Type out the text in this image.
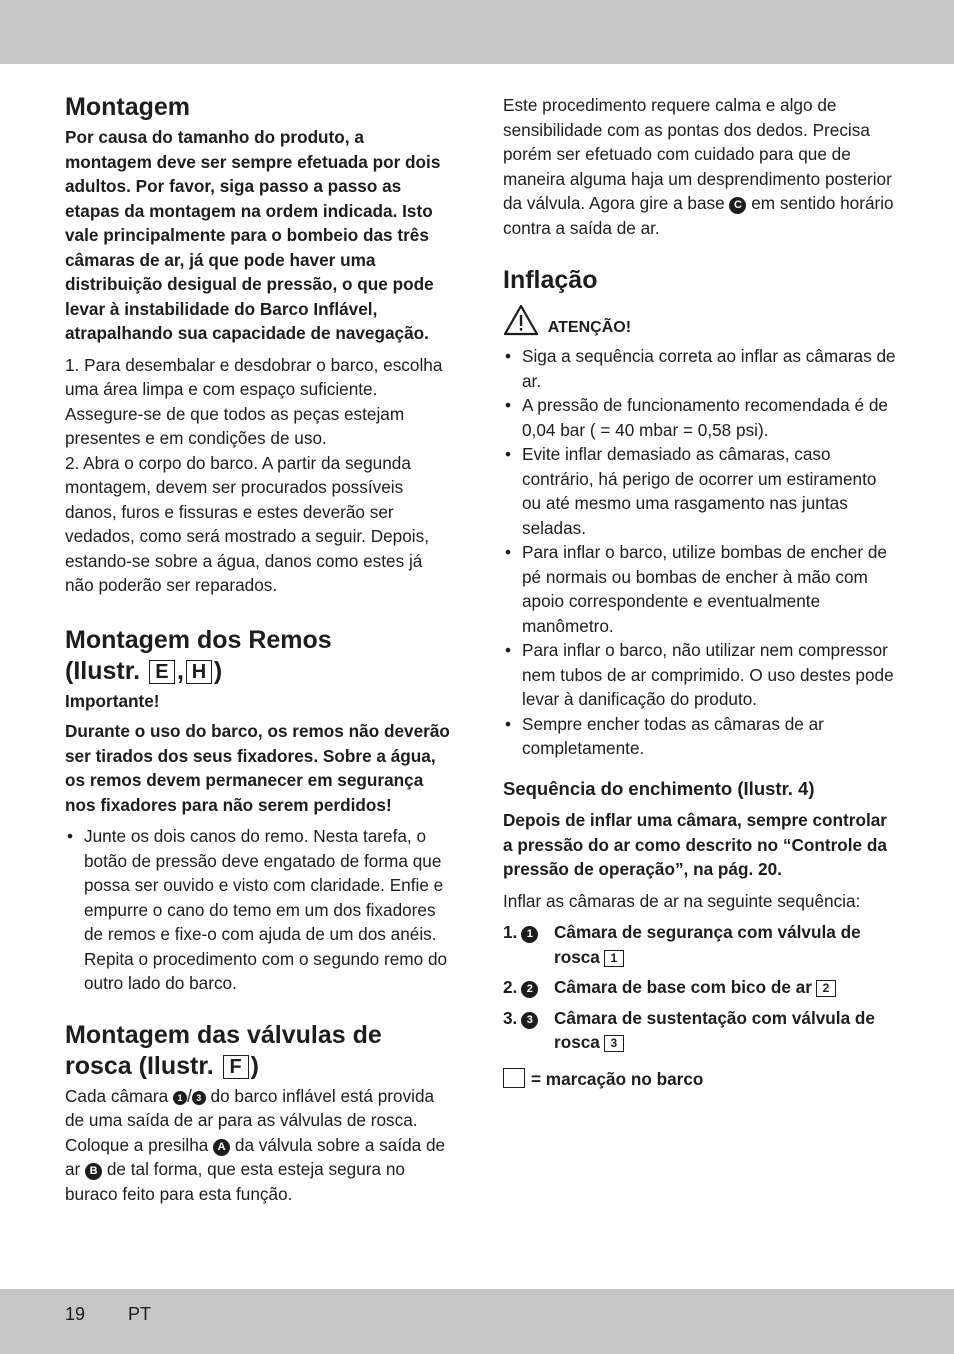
Montagem

Por causa do tamanho do produto, a montagem deve ser sempre efetuada por dois adultos. Por favor, siga passo a passo as etapas da montagem na ordem indicada. Isto vale principalmente para o bombeio das três câmaras de ar, já que pode haver uma distribuição desigual de pressão, o que pode levar à instabilidade do Barco Inflável, atrapalhando sua capacidade de navegação.

1. Para desembalar e desdobrar o barco, escolha uma área limpa e com espaço suficiente. Assegure-se de que todos as peças estejam presentes e em condições de uso.

2. Abra o corpo do barco. A partir da segunda montagem, devem ser procurados possíveis danos, furos e fissuras e estes deverão ser vedados, como será mostrado a seguir. Depois, estando-se sobre a água, danos como estes já não poderão ser reparados.

Montagem dos Remos
(Ilustr. E , H )

Importante!

Durante o uso do barco, os remos não deverão ser tirados dos seus fixadores. Sobre a água, os remos devem permanecer em segurança nos fixadores para não serem perdidos!

• Junte os dois canos do remo. Nesta tarefa, o botão de pressão deve engatado de forma que possa ser ouvido e visto com claridade. Enfie e empurre o cano do temo em um dos fixadores de remos e fixe-o com ajuda de um dos anéis. Repita o procedimento com o segundo remo do outro lado do barco.
Montagem das válvulas de
rosca (Ilustr. F )

Cada câmara 1 / 3 do barco inflável está provida de uma saída de ar para as válvulas de rosca. Coloque a presilha A da válvula sobre a saída de ar B de tal forma, que esta esteja segura no buraco feito para esta função.

Este procedimento requere calma e algo de sensibilidade com as pontas dos dedos. Precisa porém ser efetuado com cuidado para que de maneira alguma haja um desprendimento posterior da válvula. Agora gire a base C em sentido horário contra a saída de ar.

Inflação
ATENÇÃO!
• Siga a sequência correta ao inflar as câmaras de ar.
• A pressão de funcionamento recomendada é de 0,04 bar ( = 40 mbar = 0,58 psi).
• Evite inflar demasiado as câmaras, caso contrário, há perigo de ocorrer um estiramento ou até mesmo uma rasgamento nas juntas seladas.
• Para inflar o barco, utilize bombas de encher de pé normais ou bombas de encher à mão com apoio correspondente e eventualmente manômetro.
• Para inflar o barco, não utilizar nem compressor nem tubos de ar comprimido. O uso destes pode levar à danificação do produto.
• Sempre encher todas as câmaras de ar completamente.

Sequência do enchimento (Ilustr. 4)

Depois de inflar uma câmara, sempre controlar a pressão do ar como descrito no “Controle da pressão de operação”, na pág. 20.

Inflar as câmaras de ar na seguinte sequência:

1. 1	Câmara de segurança com válvula de rosca 1
2. 2	Câmara de base com bico de ar 2
3. 3	Câmara de sustentação com válvula de rosca 3

= marcação no barco

19 PT
